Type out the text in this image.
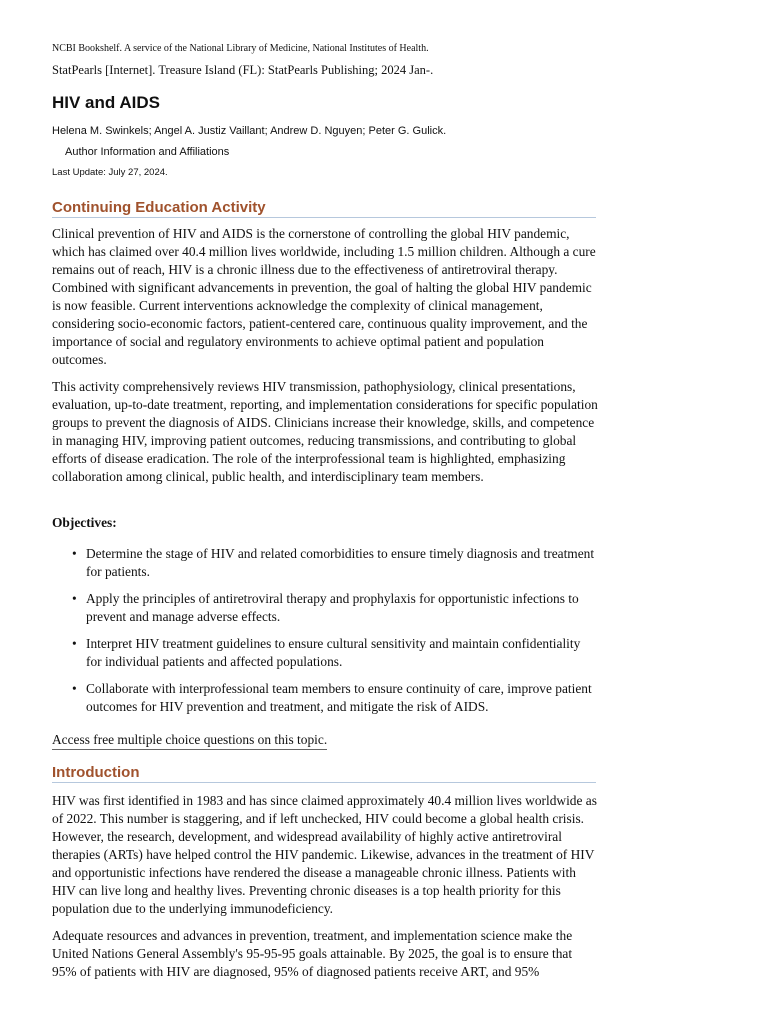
NCBI Bookshelf. A service of the National Library of Medicine, National Institutes of Health.
StatPearls [Internet]. Treasure Island (FL): StatPearls Publishing; 2024 Jan-.
HIV and AIDS
Helena M. Swinkels; Angel A. Justiz Vaillant; Andrew D. Nguyen; Peter G. Gulick.
Author Information and Affiliations
Last Update: July 27, 2024.
Continuing Education Activity

Clinical prevention of HIV and AIDS is the cornerstone of controlling the global HIV pandemic, which has claimed over 40.4 million lives worldwide, including 1.5 million children. Although a cure remains out of reach, HIV is a chronic illness due to the effectiveness of antiretroviral therapy. Combined with significant advancements in prevention, the goal of halting the global HIV pandemic is now feasible. Current interventions acknowledge the complexity of clinical management, considering socio-economic factors, patient-centered care, continuous quality improvement, and the importance of social and regulatory environments to achieve optimal patient and population outcomes.

This activity comprehensively reviews HIV transmission, pathophysiology, clinical presentations, evaluation, up-to-date treatment, reporting, and implementation considerations for specific population groups to prevent the diagnosis of AIDS. Clinicians increase their knowledge, skills, and competence in managing HIV, improving patient outcomes, reducing transmissions, and contributing to global efforts of disease eradication. The role of the interprofessional team is highlighted, emphasizing collaboration among clinical, public health, and interdisciplinary team members.

Objectives:

• Determine the stage of HIV and related comorbidities to ensure timely diagnosis and treatment for patients.
• Apply the principles of antiretroviral therapy and prophylaxis for opportunistic infections to prevent and manage adverse effects.
• Interpret HIV treatment guidelines to ensure cultural sensitivity and maintain confidentiality for individual patients and affected populations.
• Collaborate with interprofessional team members to ensure continuity of care, improve patient outcomes for HIV prevention and treatment, and mitigate the risk of AIDS.
Access free multiple choice questions on this topic.
Introduction

HIV was first identified in 1983 and has since claimed approximately 40.4 million lives worldwide as of 2022. This number is staggering, and if left unchecked, HIV could become a global health crisis. However, the research, development, and widespread availability of highly active antiretroviral therapies (ARTs) have helped control the HIV pandemic. Likewise, advances in the treatment of HIV and opportunistic infections have rendered the disease a manageable chronic illness. Patients with HIV can live long and healthy lives. Preventing chronic diseases is a top health priority for this population due to the underlying immunodeficiency.

Adequate resources and advances in prevention, treatment, and implementation science make the United Nations General Assembly's 95-95-95 goals attainable. By 2025, the goal is to ensure that 95% of patients with HIV are diagnosed, 95% of diagnosed patients receive ART, and 95%
